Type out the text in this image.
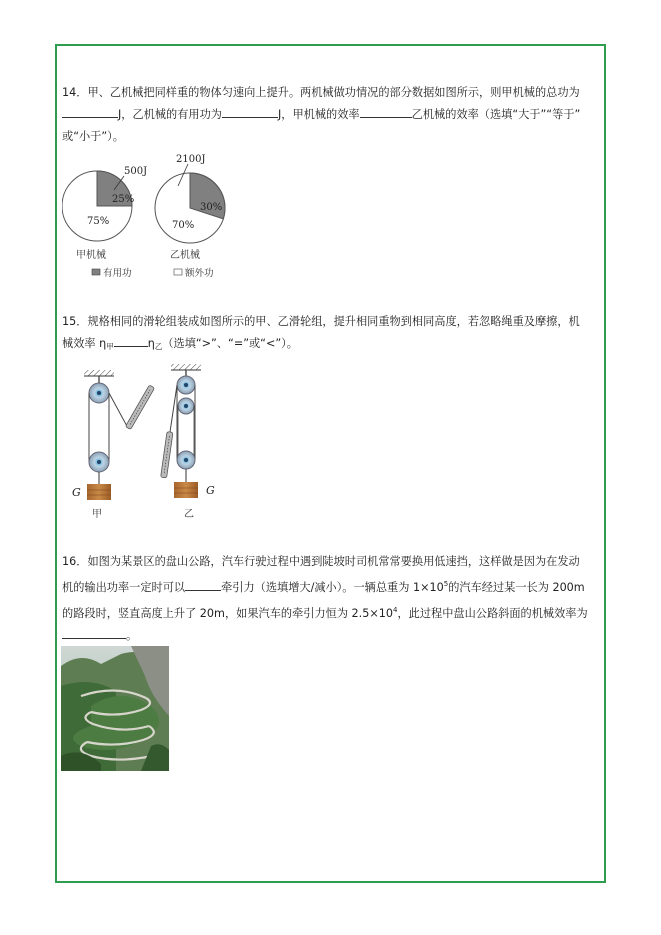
14．甲、乙机械把同样重的物体匀速向上提升。两机械做功情况的部分数据如图所示，则甲机械的总功为
J，乙机械的有用功为	J，甲机械的效率	乙机械的效率（选填“大于”“等于”
或“小于”）。
25%
75%
500J
甲机械
30%
70%
2100J
乙机械
有用功	额外功
15．规格相同的滑轮组装成如图所示的甲、乙滑轮组，提升相同重物到相同高度，若忽略绳重及摩擦，机
械效率 $\eta_甲$	$\eta_乙$（选填“>”、“=”或“<”）。
G
甲
G
乙
16．如图为某景区的盘山公路，汽车行驶过程中遇到陡坡时司机常常要换用低速挡，这样做是因为在发动
机的输出功率一定时可以	牵引力（选填增大/减小）。一辆总重为 $1\times 10^5$的汽车经过某一长为 200m
的路段时，竖直高度上升了 20m，如果汽车的牵引力恒为 $2.5\times 10^4$，此过程中盘山公路斜面的机械效率为
。
